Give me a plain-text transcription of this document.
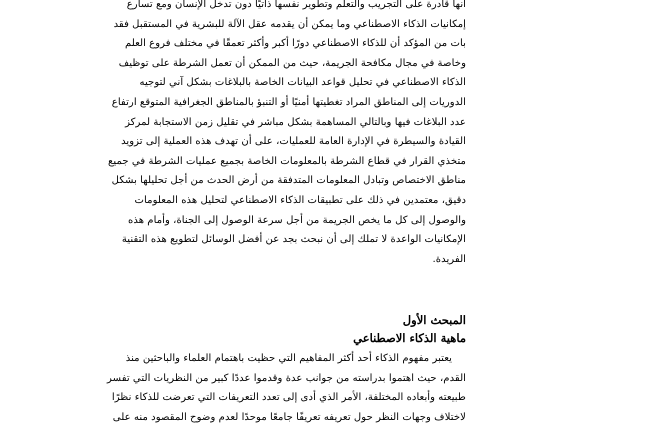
أنها قادرة على التجريب والتعلم وتطوير نفسها ذاتيًا دون تدخل الإنسان ومع تسارع
إمكانيات الذكاء الاصطناعي وما يمكن أن يقدمه عقل الآلة للبشرية في المستقبل فقد
بات من المؤكد أن للذكاء الاصطناعي دورًا أكبر وأكثر تعمقًا في مختلف فروع العلم
وخاصة في مجال مكافحة الجريمة، حيث من الممكن أن تعمل الشرطة على توظيف
الذكاء الاصطناعي في تحليل قواعد البيانات الخاصة بالبلاغات بشكل آني لتوجيه
الدوريات إلى المناطق المراد تغطيتها أمنيًا أو التنبؤ بالمناطق الجغرافية المتوقع ارتفاع
عدد البلاغات فيها وبالتالي المساهمة بشكل مباشر في تقليل زمن الاستجابة لمركز
القيادة والسيطرة في الإدارة العامة للعمليات، على أن تهدف هذه العملية إلى تزويد
متخذي القرار في قطاع الشرطة بالمعلومات الخاصة بجميع عمليات الشرطة في جميع
مناطق الاختصاص وتبادل المعلومات المتدفقة من أرض الحدث من أجل تحليلها بشكل
دقيق، معتمدين في ذلك على تطبيقات الذكاء الاصطناعي لتحليل هذه المعلومات
والوصول إلى كل ما يخص الجريمة من أجل سرعة الوصول إلى الجناة، وأمام هذه
الإمكانيات الواعدة لا تملك إلى أن نبحث بجد عن أفضل الوسائل لتطويع هذه التقنية
الفريدة.
المبحث الأول
ماهية الذكاء الاصطناعي
يعتبر مفهوم الذكاء أحد أكثر المفاهيم التي حظيت باهتمام العلماء والباحثين منذ
القدم، حيث اهتموا بدراسته من جوانب عدة وقدموا عددًا كبير من النظريات التي تفسر
طبيعته وأبعاده المختلفة، الأمر الذي أدى إلى تعدد التعريفات التي تعرضت للذكاء نظرًا
لاختلاف وجهات النظر حول تعريفه تعريفًا جامعًا موحدًا لعدم وضوح المقصود منه على
